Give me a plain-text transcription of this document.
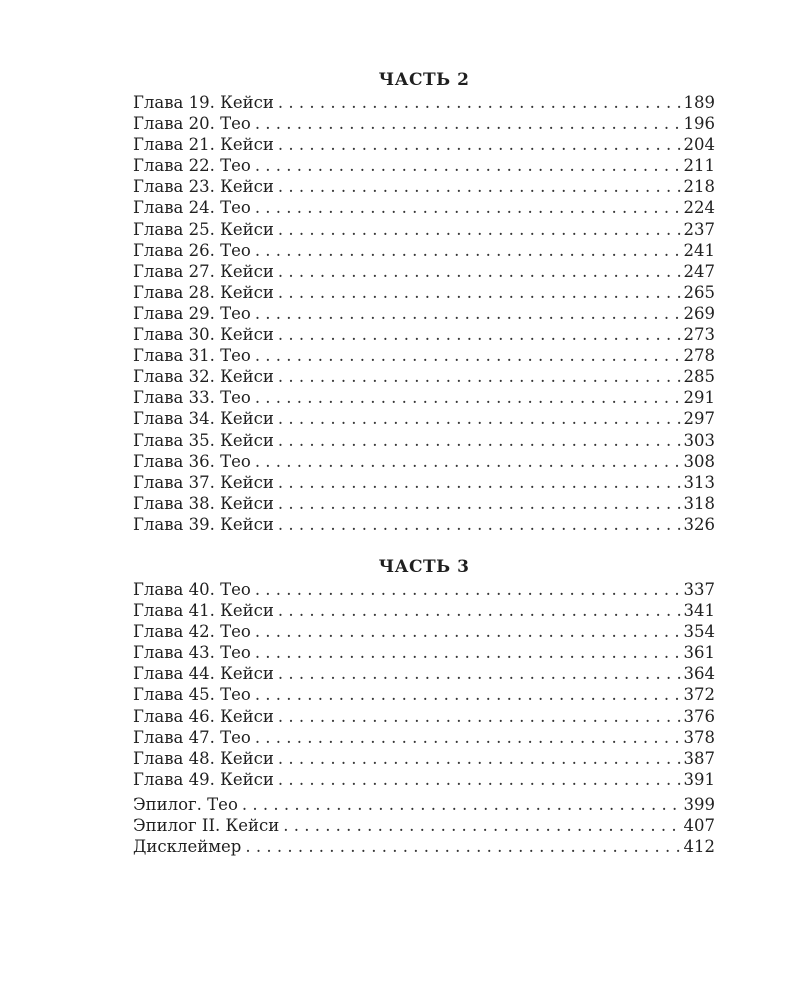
ЧАСТЬ 2
Глава 19. Кейси . . .	189
Глава 20. Тео . . .	196
Глава 21. Кейси . . .	204
Глава 22. Тео . . .	211
Глава 23. Кейси . . .	218
Глава 24. Тео . . .	224
Глава 25. Кейси . . .	237
Глава 26. Тео . . .	241
Глава 27. Кейси . . .	247
Глава 28. Кейси . . .	265
Глава 29. Тео . . .	269
Глава 30. Кейси . . .	273
Глава 31. Тео . . .	278
Глава 32. Кейси . . .	285
Глава 33. Тео . . .	291
Глава 34. Кейси . . .	297
Глава 35. Кейси . . .	303
Глава 36. Тео . . .	308
Глава 37. Кейси . . .	313
Глава 38. Кейси . . .	318
Глава 39. Кейси . . .	326
ЧАСТЬ 3
Глава 40. Тео . . .	337
Глава 41. Кейси . . .	341
Глава 42. Тео . . .	354
Глава 43. Тео . . .	361
Глава 44. Кейси . . .	364
Глава 45. Тео . . .	372
Глава 46. Кейси . . .	376
Глава 47. Тео . . .	378
Глава 48. Кейси . . .	387
Глава 49. Кейси . . .	391
Эпилог. Тео . . .	399
Эпилог II. Кейси . . .	407
Дисклеймер . . .	412
